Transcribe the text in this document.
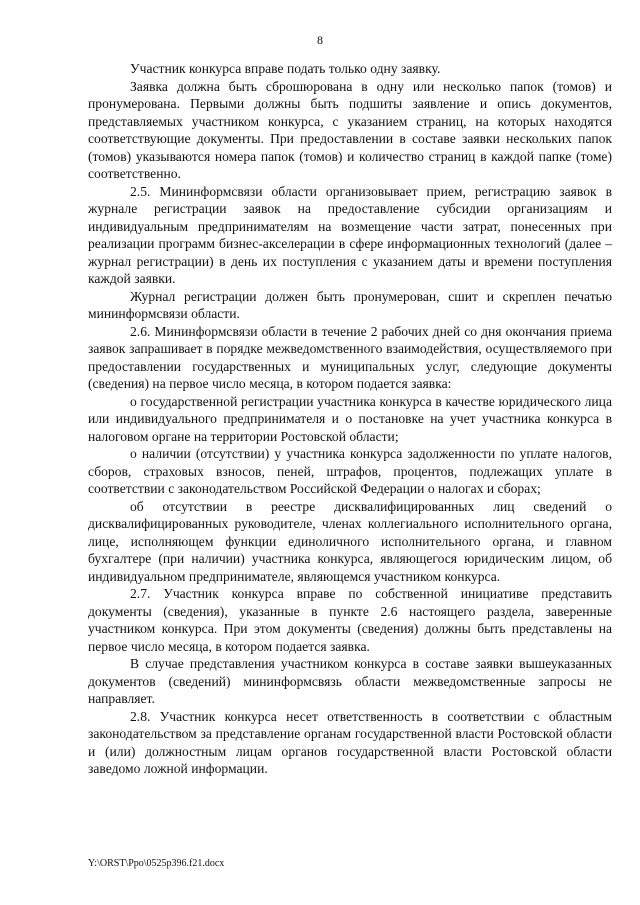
8

Участник конкурса вправе подать только одну заявку.

Заявка должна быть сброшюрована в одну или несколько папок (томов) и пронумерована. Первыми должны быть подшиты заявление и опись документов, представляемых участником конкурса, с указанием страниц, на которых находятся соответствующие документы. При предоставлении в составе заявки нескольких папок (томов) указываются номера папок (томов) и количество страниц в каждой папке (томе) соответственно.

2.5. Мининформсвязи области организовывает прием, регистрацию заявок в журнале регистрации заявок на предоставление субсидии организациям и индивидуальным предпринимателям на возмещение части затрат, понесенных при реализации программ бизнес-акселерации в сфере информационных технологий (далее – журнал регистрации) в день их поступления с указанием даты и времени поступления каждой заявки.

Журнал регистрации должен быть пронумерован, сшит и скреплен печатью мининформсвязи области.

2.6. Мининформсвязи области в течение 2 рабочих дней со дня окончания приема заявок запрашивает в порядке межведомственного взаимодействия, осуществляемого при предоставлении государственных и муниципальных услуг, следующие документы (сведения) на первое число месяца, в котором подается заявка:

о государственной регистрации участника конкурса в качестве юридического лица или индивидуального предпринимателя и о постановке на учет участника конкурса в налоговом органе на территории Ростовской области;

о наличии (отсутствии) у участника конкурса задолженности по уплате налогов, сборов, страховых взносов, пеней, штрафов, процентов, подлежащих уплате в соответствии с законодательством Российской Федерации о налогах и сборах;

об отсутствии в реестре дисквалифицированных лиц сведений о дисквалифицированных руководителе, членах коллегиального исполнительного органа, лице, исполняющем функции единоличного исполнительного органа, и главном бухгалтере (при наличии) участника конкурса, являющегося юридическим лицом, об индивидуальном предпринимателе, являющемся участником конкурса.

2.7. Участник конкурса вправе по собственной инициативе представить документы (сведения), указанные в пункте 2.6 настоящего раздела, заверенные участником конкурса. При этом документы (сведения) должны быть представлены на первое число месяца, в котором подается заявка.

В случае представления участником конкурса в составе заявки вышеуказанных документов (сведений) мининформсвязь области межведомственные запросы не направляет.

2.8. Участник конкурса несет ответственность в соответствии с областным законодательством за представление органам государственной власти Ростовской области и (или) должностным лицам органов государственной власти Ростовской области заведомо ложной информации.

Y:\ORST\Ppo\0525p396.f21.docx
